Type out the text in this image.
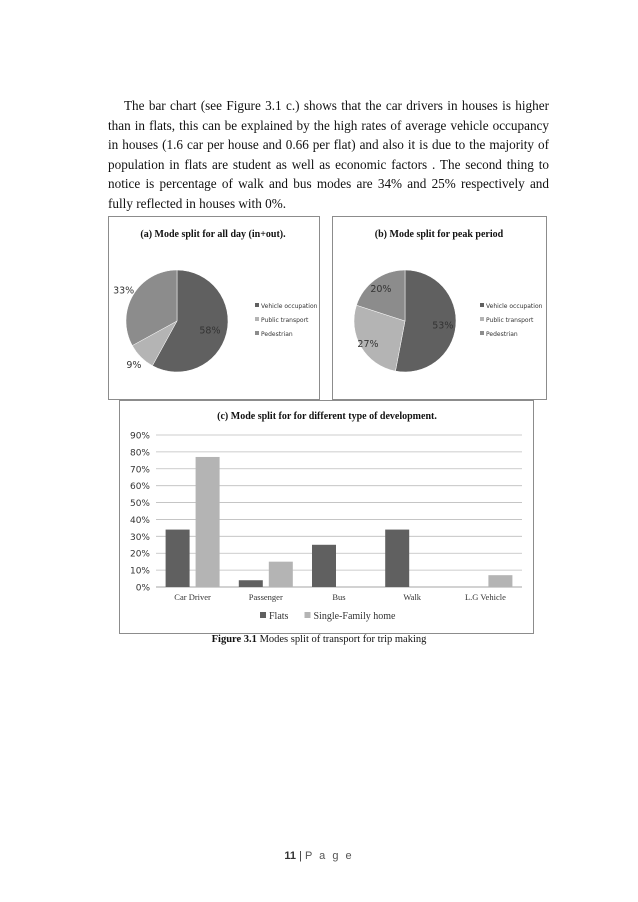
The bar chart (see Figure 3.1 c.) shows that the car drivers in houses is higher than in flats, this can be explained by the high rates of average vehicle occupancy in houses (1.6 car per house and 0.66 per flat) and also it is due to the majority of population in flats are student as well as economic factors . The second thing to notice is percentage of walk and bus modes are 34% and 25% respectively and fully reflected in houses with 0%.

(a) Mode split for all day (in+out).
58%
9%
33%
Vehicle occupation
Public transport
Pedestrian
(b) Mode split for peak period
53%
27%
20%
Vehicle occupation
Public transport
Pedestrian
(c) Mode split for for different type of development.
0%
10%
20%
30%
40%
50%
60%
70%
80%
90%
Car Driver	Passenger	Bus	Walk	L.G Vehicle
Flats	Single-Family home
Figure 3.1 Modes split of transport for trip making
11 | P a g e
